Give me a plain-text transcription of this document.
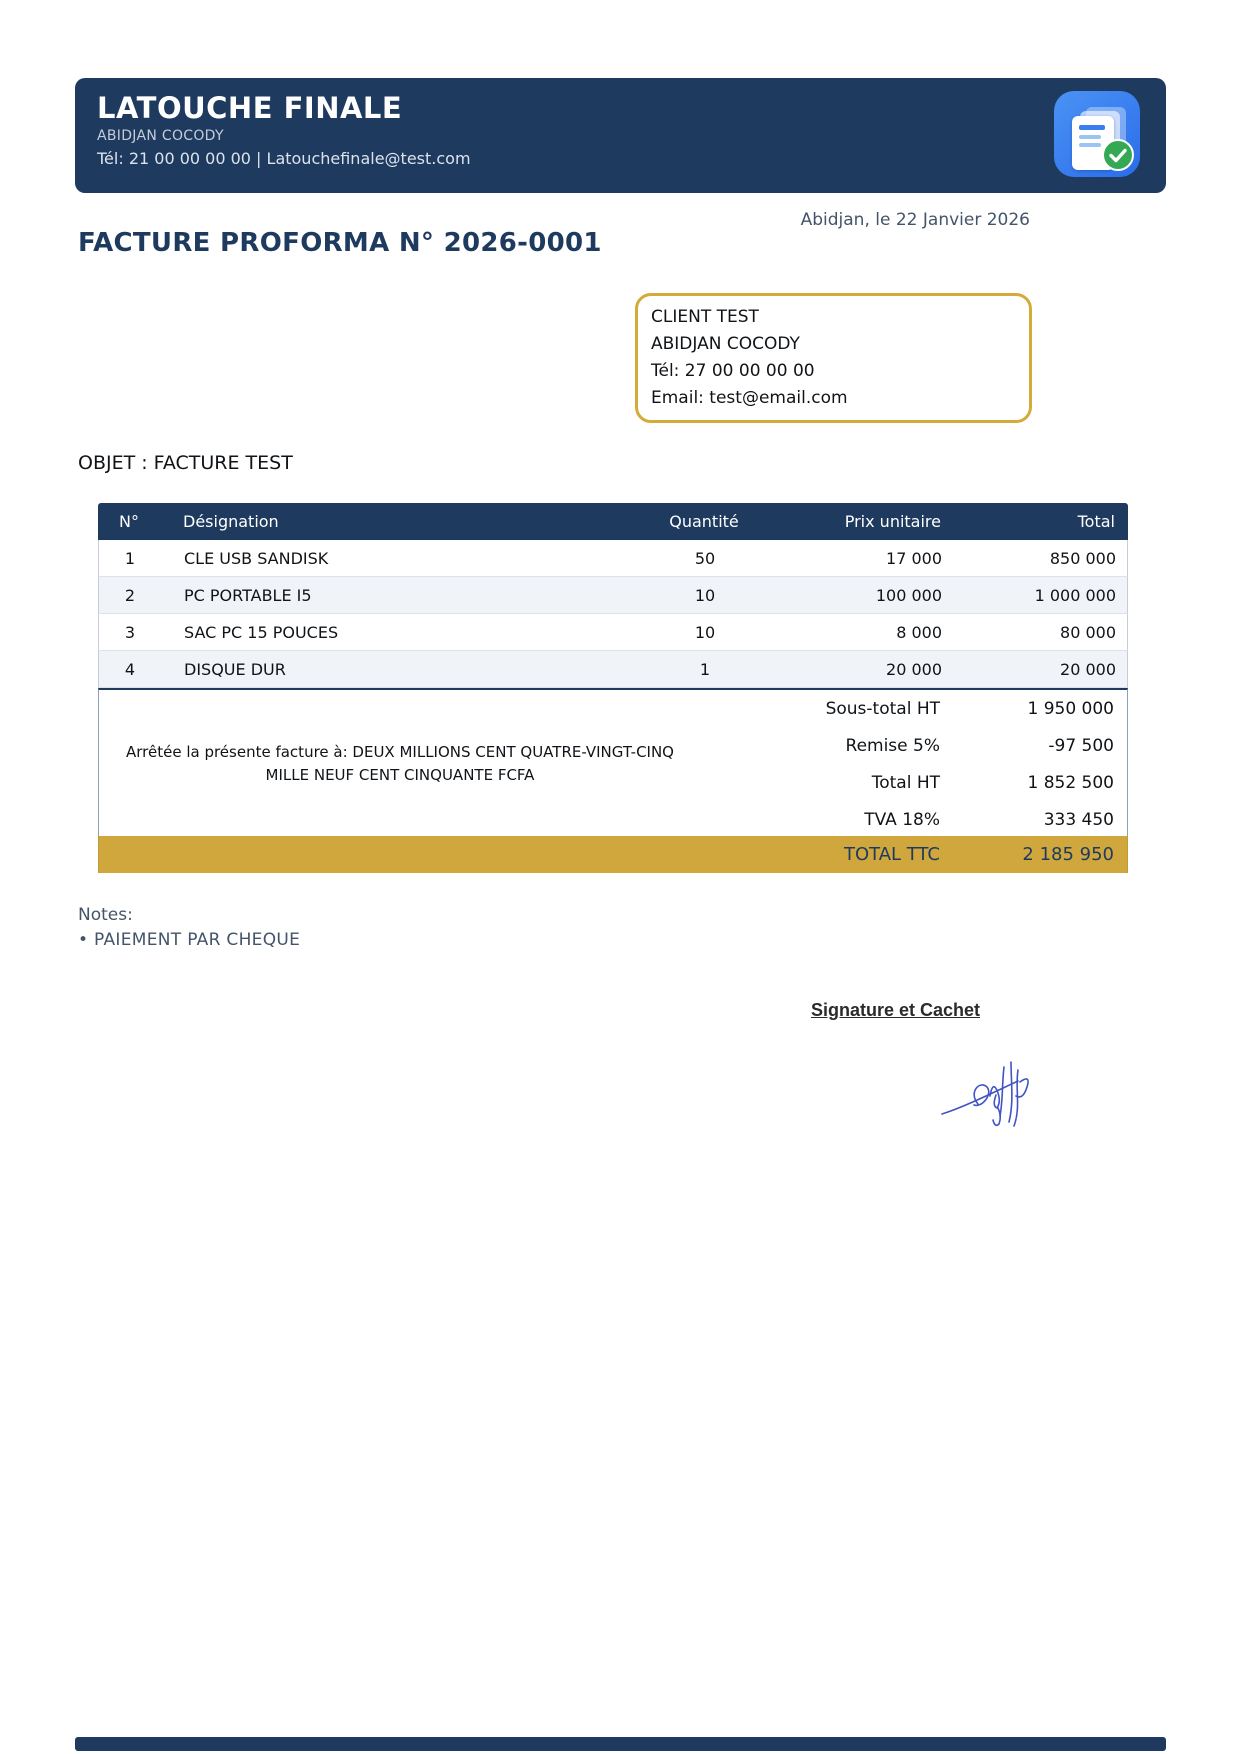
LATOUCHE FINALE
ABIDJAN COCODY
Tél: 21 00 00 00 00 | Latouchefinale@test.com
FACTURE PROFORMA N° 2026-0001
Abidjan, le 22 Janvier 2026
CLIENT TEST
ABIDJAN COCODY
Tél: 27 00 00 00 00
Email: test@email.com
OBJET : FACTURE TEST
N°	Désignation	Quantité	Prix unitaire	Total
1	CLE USB SANDISK	50	17 000	850 000
2	PC PORTABLE I5	10	100 000	1 000 000
3	SAC PC 15 POUCES	10	8 000	80 000
4	DISQUE DUR	1	20 000	20 000
Arrêtée la présente facture à: DEUX MILLIONS CENT QUATRE-VINGT-CINQ MILLE NEUF CENT CINQUANTE FCFA
Sous-total HT	1 950 000
Remise 5%	-97 500
Total HT	1 852 500
TVA 18%	333 450
TOTAL TTC	2 185 950
Notes:
• PAIEMENT PAR CHEQUE
Signature et Cachet
